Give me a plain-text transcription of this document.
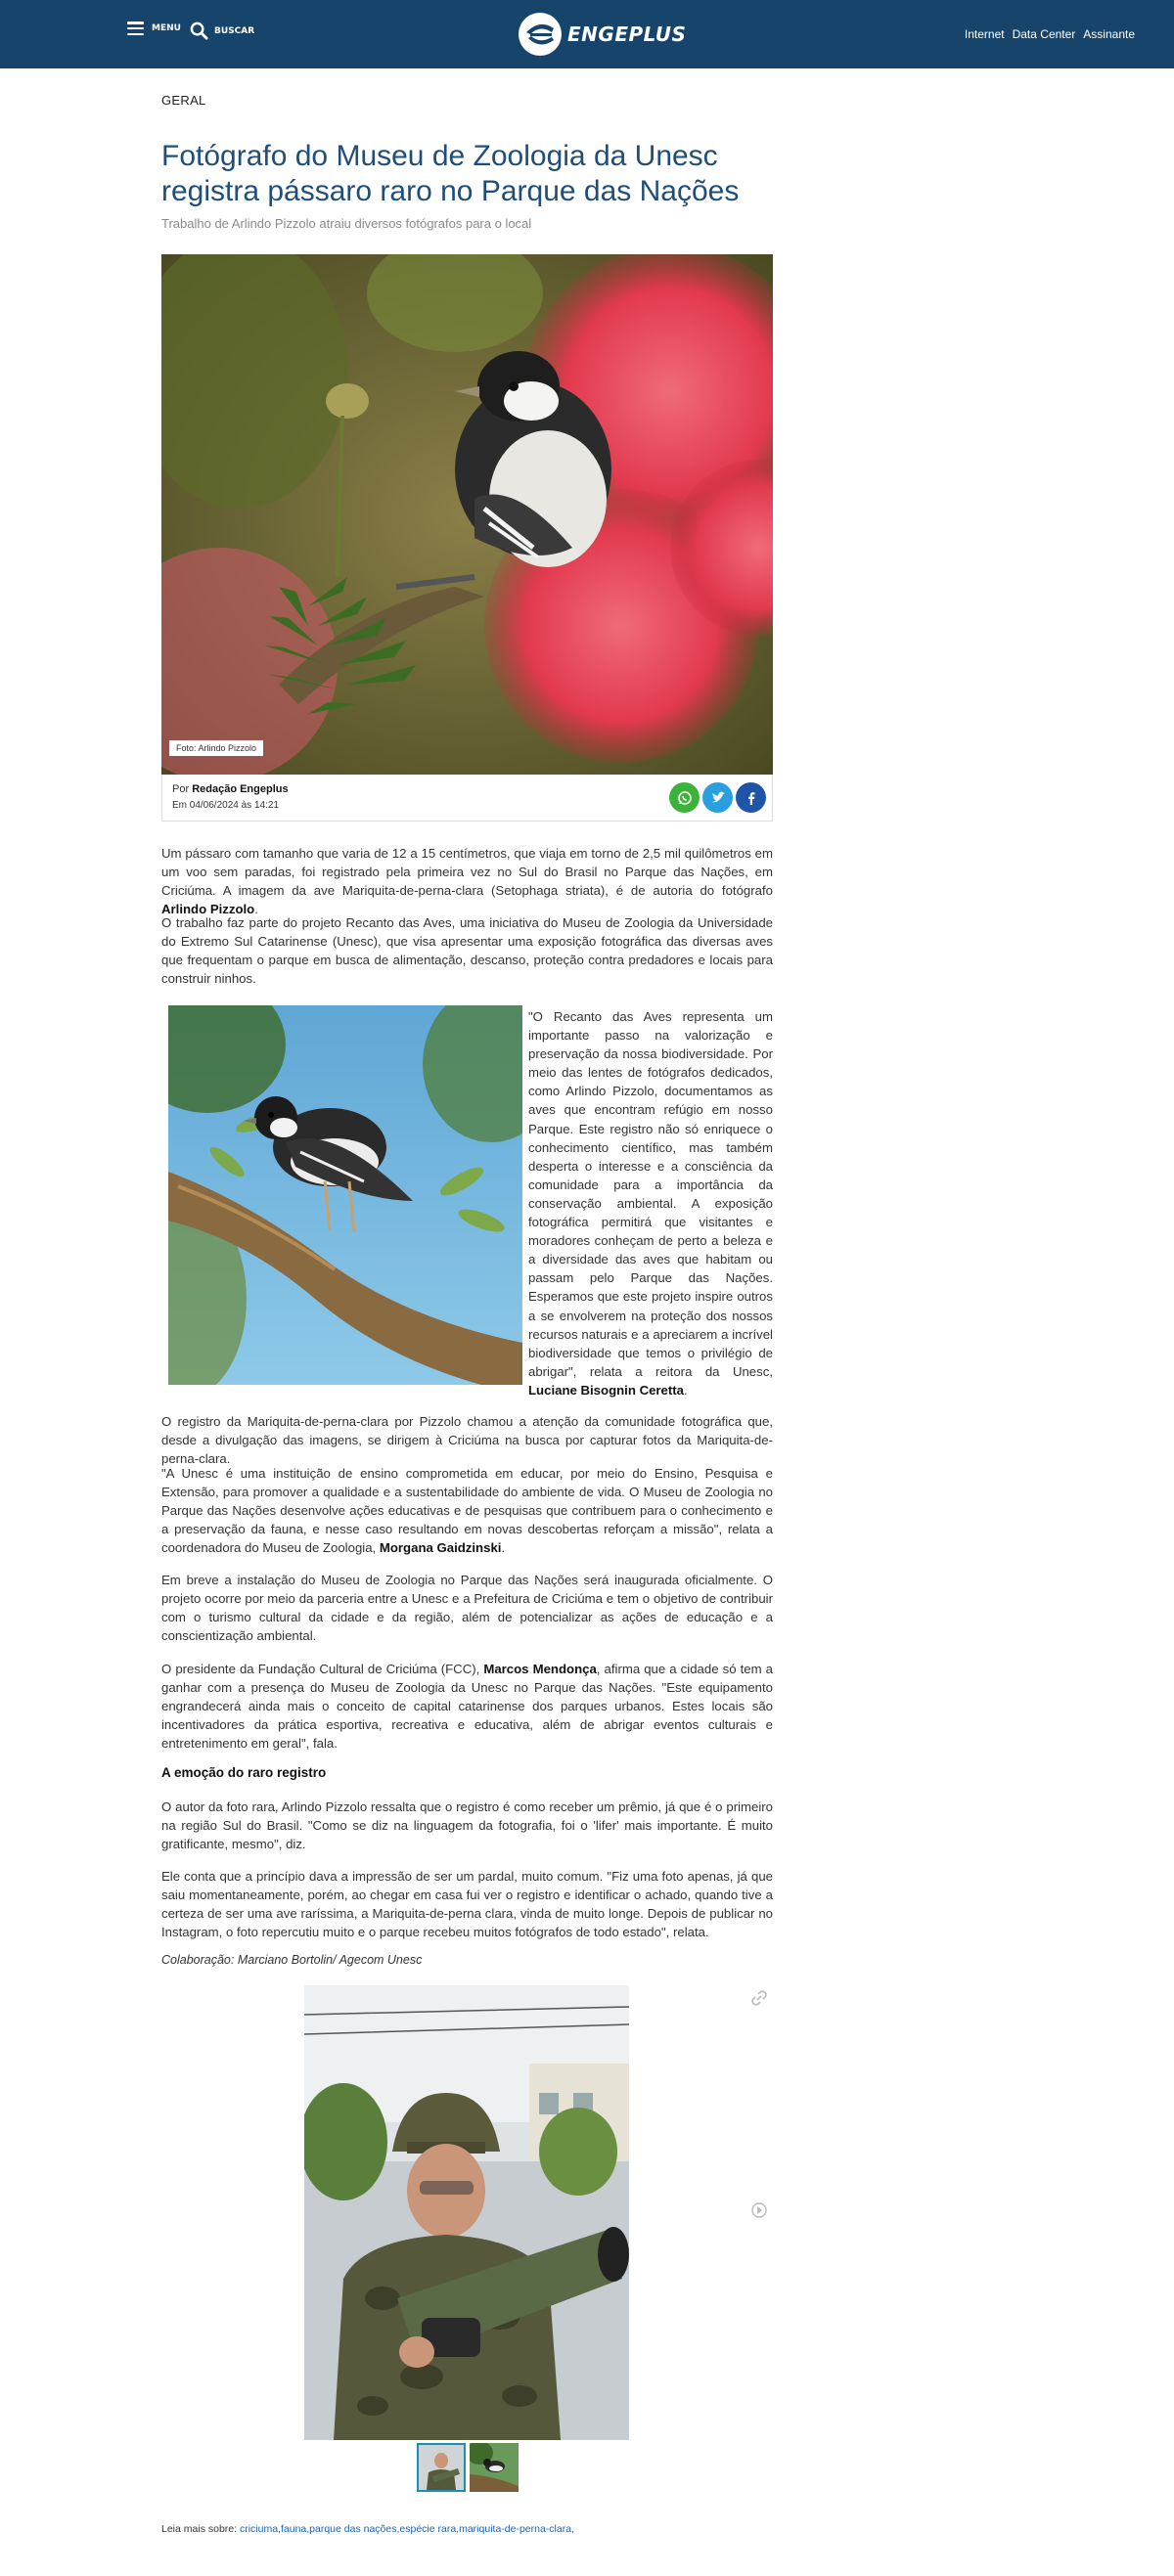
MENU	BUSCAR	ENGEPLUS	Internet Data Center Assinante
GERAL
Fotógrafo do Museu de Zoologia da Unesc registra pássaro raro no Parque das Nações
Trabalho de Arlindo Pizzolo atraiu diversos fotógrafos para o local
Foto: Arlindo Pizzolo
Por Redação Engeplus
Em 04/06/2024 às 14:21

Um pássaro com tamanho que varia de 12 a 15 centímetros, que viaja em torno de 2,5 mil quilômetros em um voo sem paradas, foi registrado pela primeira vez no Sul do Brasil no Parque das Nações, em Criciúma. A imagem da ave Mariquita-de-perna-clara (Setophaga striata), é de autoria do fotógrafo Arlindo Pizzolo.

O trabalho faz parte do projeto Recanto das Aves, uma iniciativa do Museu de Zoologia da Universidade do Extremo Sul Catarinense (Unesc), que visa apresentar uma exposição fotográfica das diversas aves que frequentam o parque em busca de alimentação, descanso, proteção contra predadores e locais para construir ninhos.

"O Recanto das Aves representa um importante passo na valorização e preservação da nossa biodiversidade. Por meio das lentes de fotógrafos dedicados, como Arlindo Pizzolo, documentamos as aves que encontram refúgio em nosso Parque. Este registro não só enriquece o conhecimento científico, mas também desperta o interesse e a consciência da comunidade para a importância da conservação ambiental. A exposição fotográfica permitirá que visitantes e moradores conheçam de perto a beleza e a diversidade das aves que habitam ou passam pelo Parque das Nações. Esperamos que este projeto inspire outros a se envolverem na proteção dos nossos recursos naturais e a apreciarem a incrível biodiversidade que temos o privilégio de abrigar", relata a reitora da Unesc, Luciane Bisognin Ceretta.

O registro da Mariquita-de-perna-clara por Pizzolo chamou a atenção da comunidade fotográfica que, desde a divulgação das imagens, se dirigem à Criciúma na busca por capturar fotos da Mariquita-de-perna-clara.

"A Unesc é uma instituição de ensino comprometida em educar, por meio do Ensino, Pesquisa e Extensão, para promover a qualidade e a sustentabilidade do ambiente de vida. O Museu de Zoologia no Parque das Nações desenvolve ações educativas e de pesquisas que contribuem para o conhecimento e a preservação da fauna, e nesse caso resultando em novas descobertas reforçam a missão", relata a coordenadora do Museu de Zoologia, Morgana Gaidzinski.

Em breve a instalação do Museu de Zoologia no Parque das Nações será inaugurada oficialmente. O projeto ocorre por meio da parceria entre a Unesc e a Prefeitura de Criciúma e tem o objetivo de contribuir com o turismo cultural da cidade e da região, além de potencializar as ações de educação e a conscientização ambiental.

O presidente da Fundação Cultural de Criciúma (FCC), Marcos Mendonça, afirma que a cidade só tem a ganhar com a presença do Museu de Zoologia da Unesc no Parque das Nações. "Este equipamento engrandecerá ainda mais o conceito de capital catarinense dos parques urbanos. Estes locais são incentivadores da prática esportiva, recreativa e educativa, além de abrigar eventos culturais e entretenimento em geral", fala.

A emoção do raro registro

O autor da foto rara, Arlindo Pizzolo ressalta que o registro é como receber um prêmio, já que é o primeiro na região Sul do Brasil. "Como se diz na linguagem da fotografia, foi o 'lifer' mais importante. É muito gratificante, mesmo", diz.

Ele conta que a princípio dava a impressão de ser um pardal, muito comum. "Fiz uma foto apenas, já que saiu momentaneamente, porém, ao chegar em casa fui ver o registro e identificar o achado, quando tive a certeza de ser uma ave raríssima, a Mariquita-de-perna clara, vinda de muito longe. Depois de publicar no Instagram, o foto repercutiu muito e o parque recebeu muitos fotógrafos de todo estado", relata.

Colaboração: Marciano Bortolin/ Agecom Unesc
Leia mais sobre: criciuma,fauna,parque das nações,espécie rara,mariquita-de-perna-clara,
